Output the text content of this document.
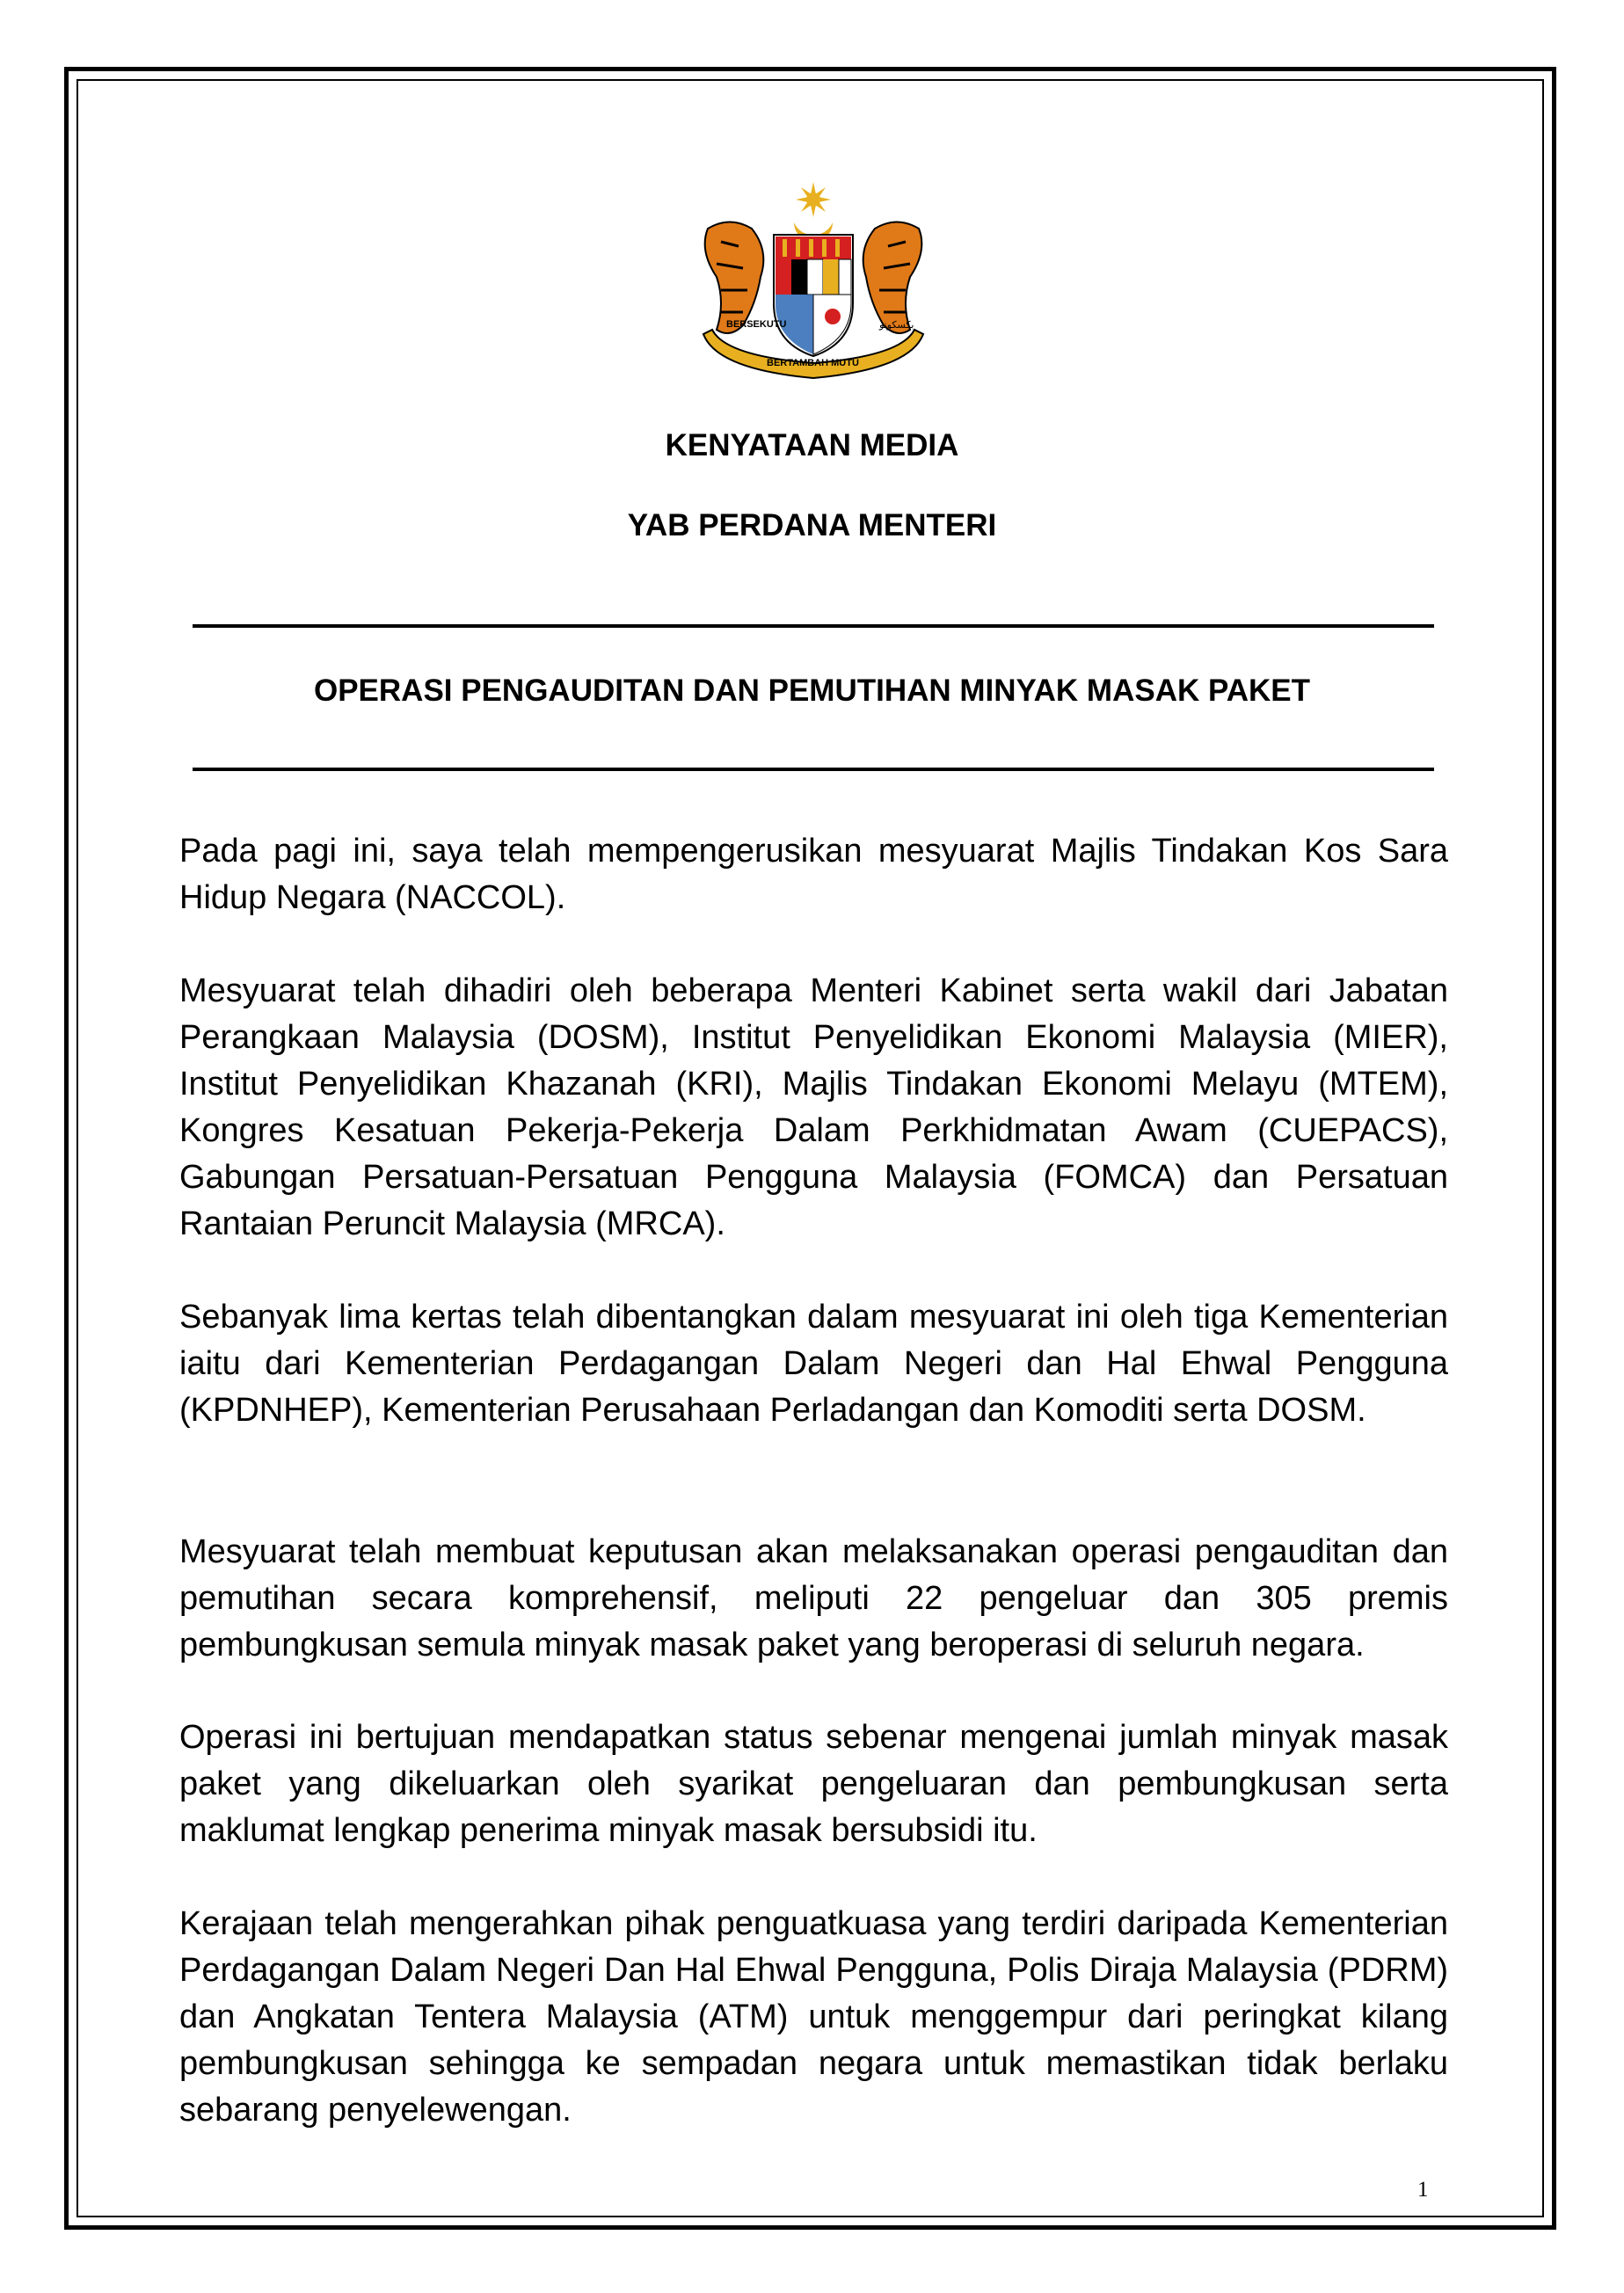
BERSEKUTU	بکسکوتو
BERTAMBAH MUTU
KENYATAAN MEDIA
YAB PERDANA MENTERI
OPERASI PENGAUDITAN DAN PEMUTIHAN MINYAK MASAK PAKET

Pada pagi ini, saya telah mempengerusikan mesyuarat Majlis Tindakan Kos Sara Hidup Negara (NACCOL).

Mesyuarat telah dihadiri oleh beberapa Menteri Kabinet serta wakil dari Jabatan Perangkaan Malaysia (DOSM), Institut Penyelidikan Ekonomi Malaysia (MIER), Institut Penyelidikan Khazanah (KRI), Majlis Tindakan Ekonomi Melayu (MTEM), Kongres Kesatuan Pekerja-Pekerja Dalam Perkhidmatan Awam (CUEPACS), Gabungan Persatuan-Persatuan Pengguna Malaysia (FOMCA) dan Persatuan Rantaian Peruncit Malaysia (MRCA).

Sebanyak lima kertas telah dibentangkan dalam mesyuarat ini oleh tiga Kementerian iaitu dari Kementerian Perdagangan Dalam Negeri dan Hal Ehwal Pengguna (KPDNHEP), Kementerian Perusahaan Perladangan dan Komoditi serta DOSM.

Mesyuarat telah membuat keputusan akan melaksanakan operasi pengauditan dan pemutihan secara komprehensif, meliputi 22 pengeluar dan 305 premis pembungkusan semula minyak masak paket yang beroperasi di seluruh negara.

Operasi ini bertujuan mendapatkan status sebenar mengenai jumlah minyak masak paket yang dikeluarkan oleh syarikat pengeluaran dan pembungkusan serta maklumat lengkap penerima minyak masak bersubsidi itu.

Kerajaan telah mengerahkan pihak penguatkuasa yang terdiri daripada Kementerian Perdagangan Dalam Negeri Dan Hal Ehwal Pengguna, Polis Diraja Malaysia (PDRM) dan Angkatan Tentera Malaysia (ATM) untuk menggempur dari peringkat kilang pembungkusan sehingga ke sempadan negara untuk memastikan tidak berlaku sebarang penyelewengan.

1
